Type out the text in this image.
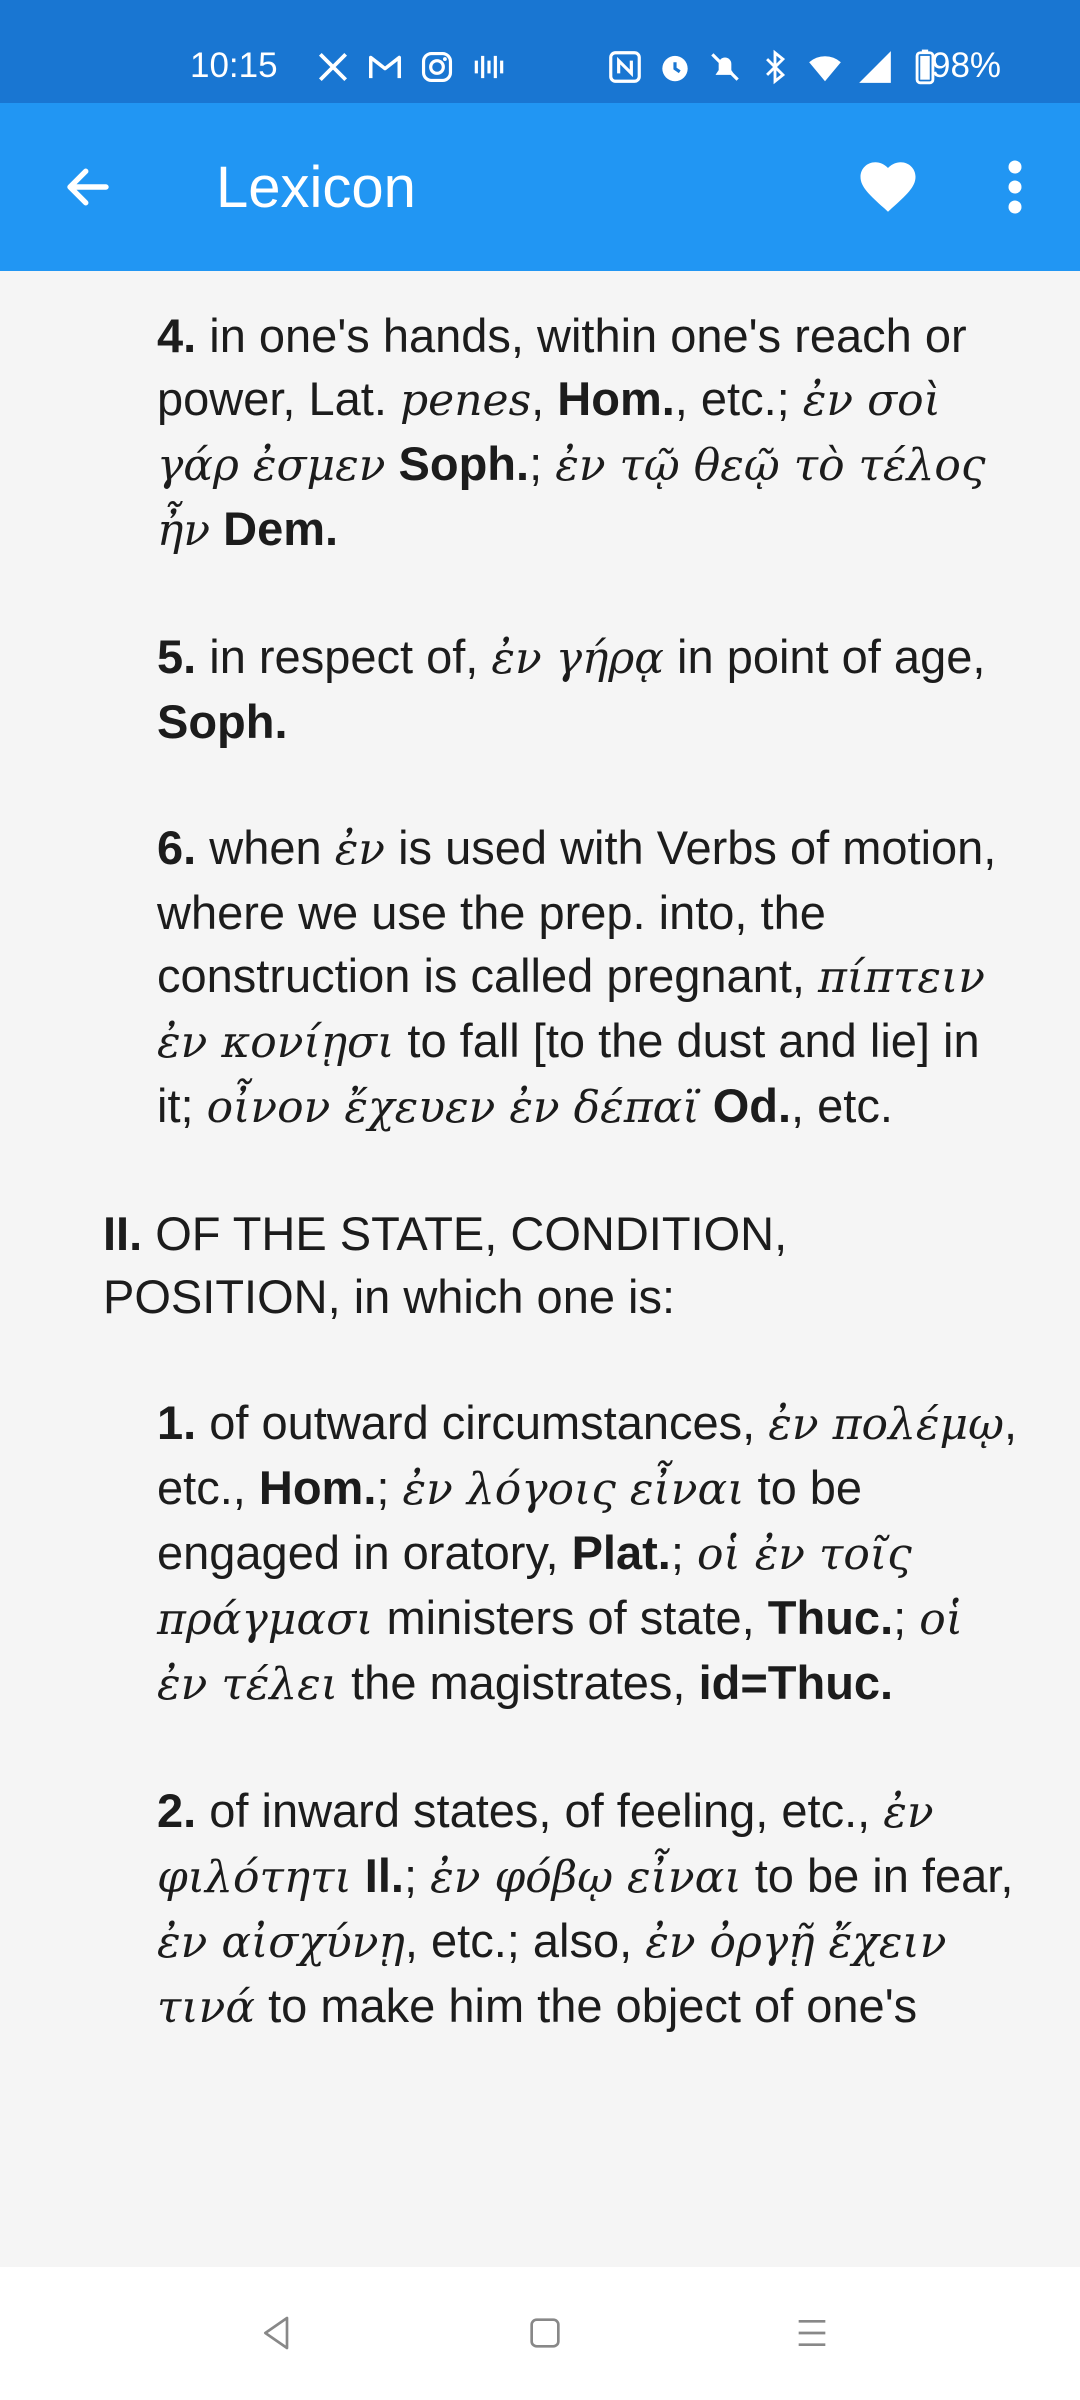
10:15	98%
Lexicon
4. in one's hands, within one's reach or power, Lat. penes, Hom., etc.; ἐν σοὶ γάρ ἐσμεν Soph.; ἐν τῷ θεῷ τὸ τέλος ἦν Dem.
5. in respect of, ἐν γήρᾳ in point of age, Soph.
6. when ἐν is used with Verbs of motion, where we use the prep. into, the construction is called pregnant, πίπτειν ἐν κονίῃσι to fall [to the dust and lie] in it; οἶνον ἔχευεν ἐν δέπαϊ Od., etc.
II. OF THE STATE, CONDITION, POSITION, in which one is:
1. of outward circumstances, ἐν πολέμῳ, etc., Hom.; ἐν λόγοις εἶναι to be engaged in oratory, Plat.; οἱ ἐν τοῖς πράγμασι ministers of state, Thuc.; οἱ ἐν τέλει the magistrates, id=Thuc.
2. of inward states, of feeling, etc., ἐν φιλότητι Il.; ἐν φόβῳ εἶναι to be in fear, ἐν αἰσχύνῃ, etc.; also, ἐν ὀργῇ ἔχειν τινά to make him the object of one's
